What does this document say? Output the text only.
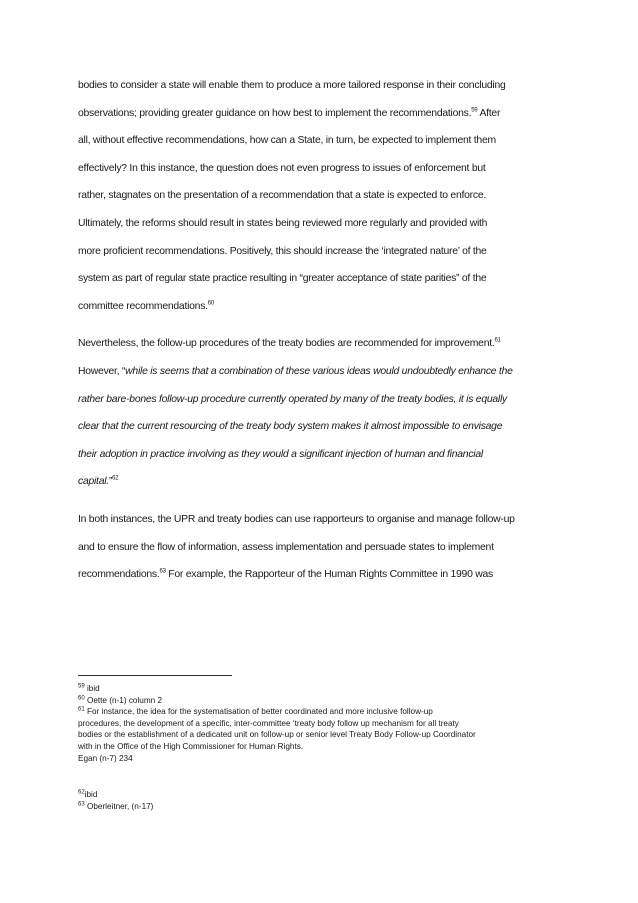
bodies to consider a state will enable them to produce a more tailored response in their concluding
observations; providing greater guidance on how best to implement the recommendations.$^{59}$ After
all, without effective recommendations, how can a State, in turn, be expected to implement them
effectively? In this instance, the question does not even progress to issues of enforcement but
rather, stagnates on the presentation of a recommendation that a state is expected to enforce.
Ultimately, the reforms should result in states being reviewed more regularly and provided with
more proficient recommendations. Positively, this should increase the ‘integrated nature’ of the
system as part of regular state practice resulting in “greater acceptance of state parities” of the
committee recommendations.$^{60}$
Nevertheless, the follow-up procedures of the treaty bodies are recommended for improvement.$^{61}$
However, “while is seems that a combination of these various ideas would undoubtedly enhance the
rather bare-bones follow-up procedure currently operated by many of the treaty bodies, it is equally
clear that the current resourcing of the treaty body system makes it almost impossible to envisage
their adoption in practice involving as they would a significant injection of human and financial
capital.”$^{62}$
In both instances, the UPR and treaty bodies can use rapporteurs to organise and manage follow-up
and to ensure the flow of information, assess implementation and persuade states to implement
recommendations.$^{63}$ For example, the Rapporteur of the Human Rights Committee in 1990 was
$^{59}$ ibid
$^{60}$ Oette (n-1) column 2
$^{61}$ For instance, the idea for the systematisation of better coordinated and more inclusive follow-up
procedures, the development of a specific, inter-committee ‘treaty body follow up mechanism for all treaty
bodies or the establishment of a dedicated unit on follow-up or senior level Treaty Body Follow-up Coordinator
with in the Office of the High Commissioner for Human Rights.
Egan (n-7) 234
$^{62}$ibid
$^{63}$ Oberleitner, (n-17)
